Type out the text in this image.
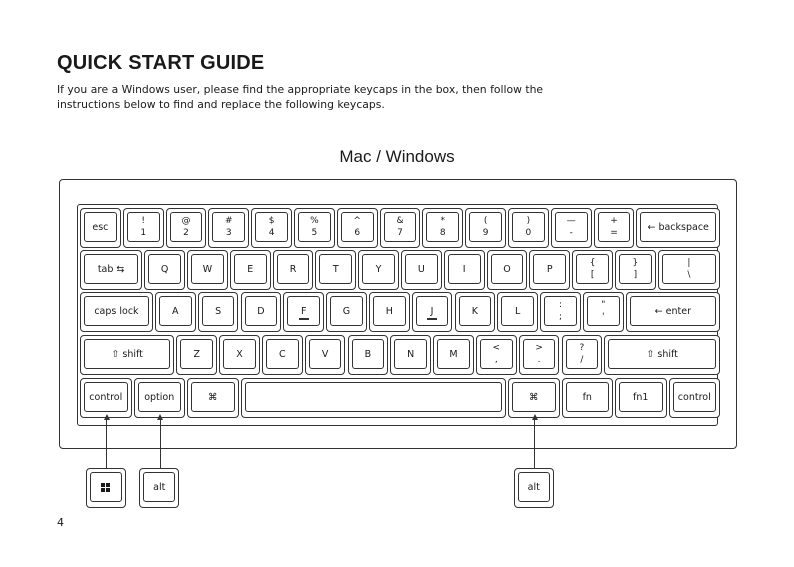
QUICK START GUIDE

If you are a Windows user, please find the appropriate keycaps in the box, then follow the instructions below to find and replace the following keycaps.

Mac / Windows

4

esc
!
1
@
2
#
3
$
4
%
5
^
6
&
7
*
8
(
9
)
0
—
-
+
=
← backspace
tab ⇆	Q	W	E	R	T	Y	U	I	O	P
{
[
}
]
|
\
caps lock	A	S	D	F	G	H	J	K	L
:
;
"
'
← enter
⇧ shift	Z	X	C	V	B	N	M
<
,
>
.
?
/
⇧ shift
control option	⌘	⌘	fn	fn1	control
alt	alt
